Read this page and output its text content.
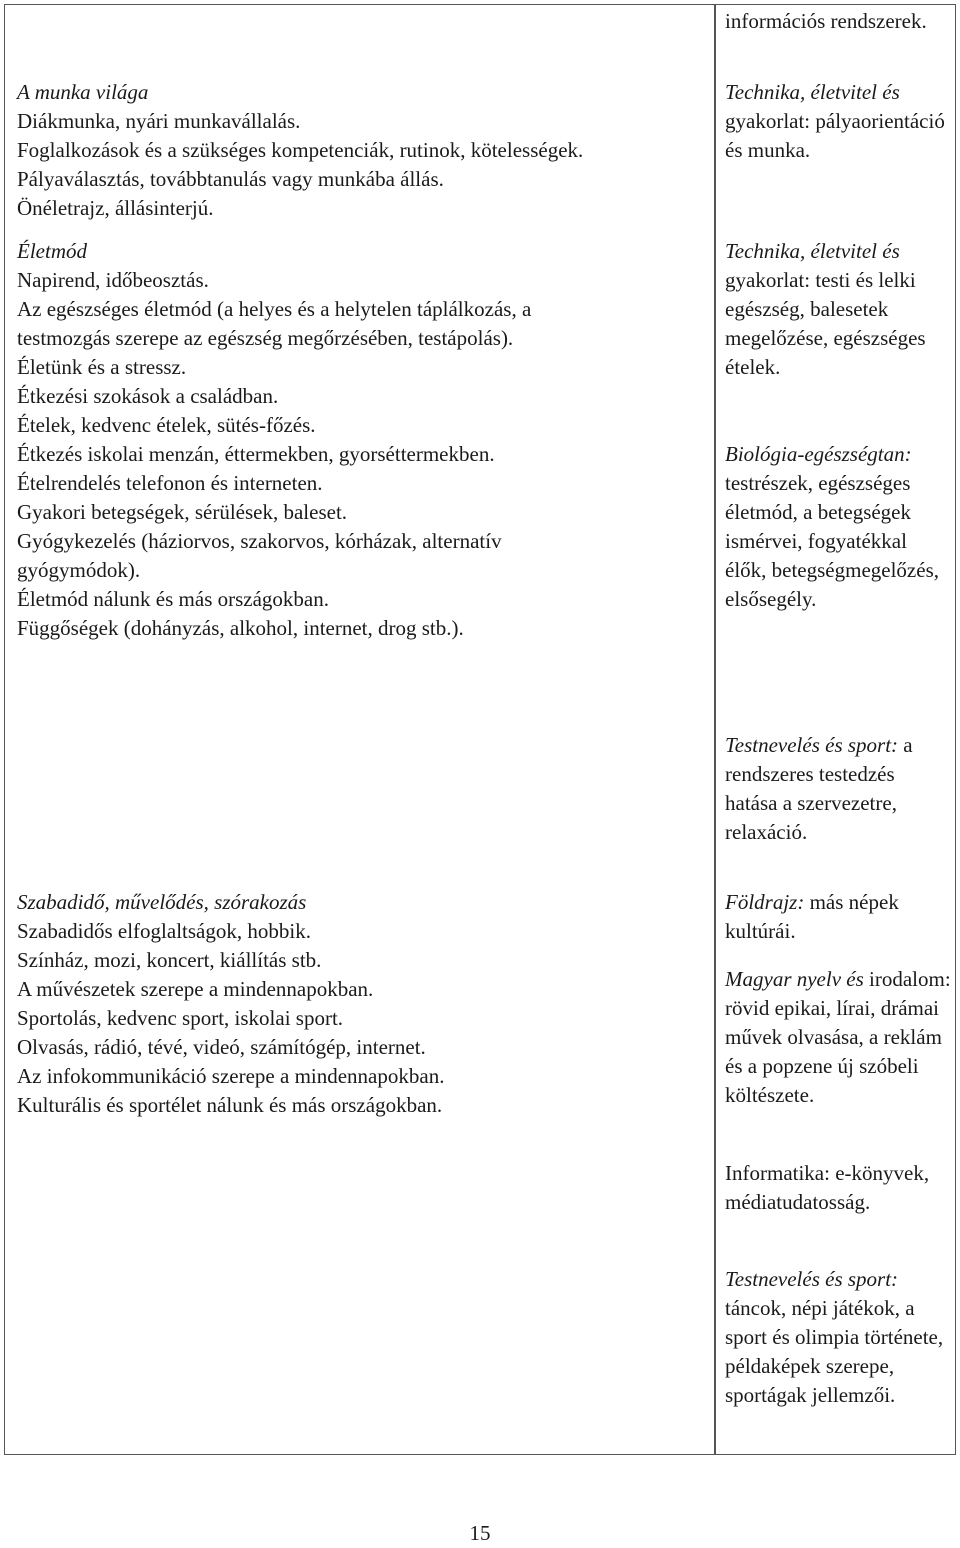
A munka világa
Diákmunka, nyári munkavállalás.
Foglalkozások és a szükséges kompetenciák, rutinok, kötelességek.
Pályaválasztás, továbbtanulás vagy munkába állás.
Önéletrajz, állásinterjú.
Életmód
Napirend, időbeosztás.
Az egészséges életmód (a helyes és a helytelen táplálkozás, a
testmozgás szerepe az egészség megőrzésében, testápolás).
Életünk és a stressz.
Étkezési szokások a családban.
Ételek, kedvenc ételek, sütés-főzés.
Étkezés iskolai menzán, éttermekben, gyorséttermekben.
Ételrendelés telefonon és interneten.
Gyakori betegségek, sérülések, baleset.
Gyógykezelés (háziorvos, szakorvos, kórházak, alternatív
gyógymódok).
Életmód nálunk és más országokban.
Függőségek (dohányzás, alkohol, internet, drog stb.).
Szabadidő, művelődés, szórakozás
Szabadidős elfoglaltságok, hobbik.
Színház, mozi, koncert, kiállítás stb.
A művészetek szerepe a mindennapokban.
Sportolás, kedvenc sport, iskolai sport.
Olvasás, rádió, tévé, videó, számítógép, internet.
Az infokommunikáció szerepe a mindennapokban.
Kulturális és sportélet nálunk és más országokban.
információs rendszerek.
Technika, életvitel és gyakorlat: pályaorientáció és munka.
Technika, életvitel és gyakorlat: testi és lelki egészség, balesetek megelőzése, egészséges ételek.
Biológia-egészségtan: testrészek, egészséges életmód, a betegségek ismérvei, fogyatékkal élők, betegségmegelőzés, elsősegély.
Testnevelés és sport: a rendszeres testedzés hatása a szervezetre, relaxáció.
Földrajz: más népek kultúrái.
Magyar nyelv és irodalom: rövid epikai, lírai, drámai művek olvasása, a reklám és a popzene új szóbeli költészete.
Informatika: e-könyvek, médiatudatosság.
Testnevelés és sport: táncok, népi játékok, a sport és olimpia története, példaképek szerepe, sportágak jellemzői.
15
